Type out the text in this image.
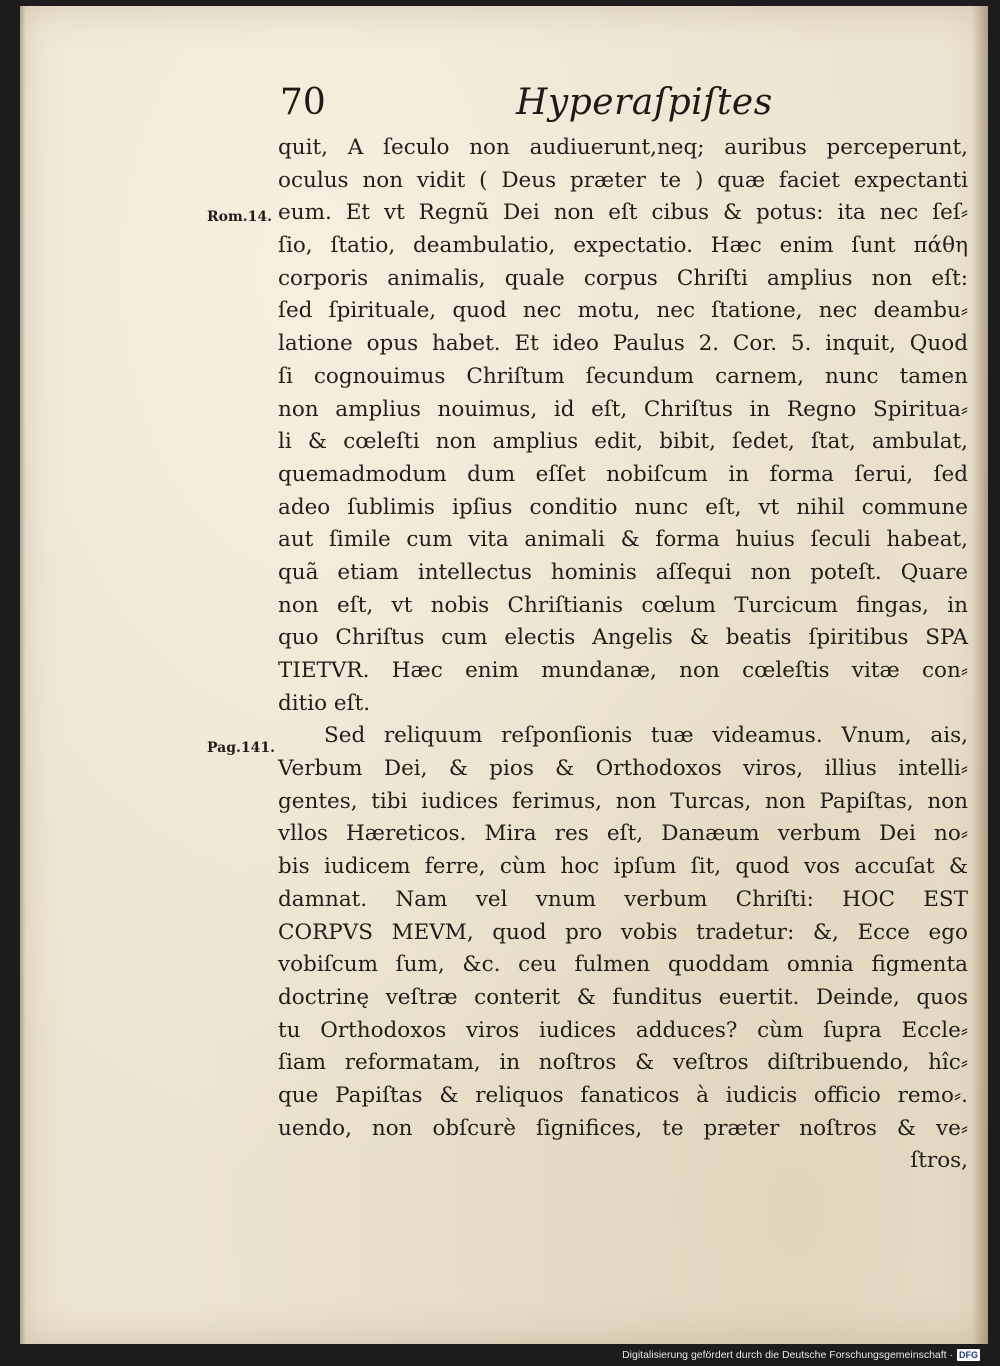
70	Hyperaſpiſtes
Rom.14.
Pag.141.
quit, A ſeculo non audiuerunt,neq; auribus perceperunt,
oculus non vidit ( Deus præter te ) quæ faciet expectanti
eum. Et vt Regnũ Dei non eſt cibus & potus: ita nec ſeſ⸗
ſio, ſtatio, deambulatio, expectatio. Hæc enim ſunt πάθη
corporis animalis, quale corpus Chriſti amplius non eſt:
ſed ſpirituale, quod nec motu, nec ſtatione, nec deambu⸗
latione opus habet. Et ideo Paulus 2. Cor. 5. inquit, Quod
ſi cognouimus Chriſtum ſecundum carnem, nunc tamen
non amplius nouimus, id eſt, Chriſtus in Regno Spiritua⸗
li & cœleſti non amplius edit, bibit, ſedet, ſtat, ambulat,
quemadmodum dum eſſet nobiſcum in forma ſerui, ſed
adeo ſublimis ipſius conditio nunc eſt, vt nihil commune
aut ſimile cum vita animali & forma huius ſeculi habeat,
quã etiam intellectus hominis aſſequi non poteſt. Quare
non eſt, vt nobis Chriſtianis cœlum Turcicum fingas, in
quo Chriſtus cum electis Angelis & beatis ſpiritibus SPA
TIETVR. Hæc enim mundanæ, non cœleſtis vitæ con⸗
ditio eſt.
Sed reliquum reſponſionis tuæ videamus. Vnum, ais,
Verbum Dei, & pios & Orthodoxos viros, illius intelli⸗
gentes, tibi iudices ferimus, non Turcas, non Papiſtas, non
vllos Hæreticos. Mira res eſt, Danæum verbum Dei no⸗
bis iudicem ferre, cùm hoc ipſum ſit, quod vos accuſat &
damnat. Nam vel vnum verbum Chriſti: HOC EST
CORPVS MEVM, quod pro vobis tradetur: &, Ecce ego
vobiſcum ſum, &c. ceu fulmen quoddam omnia figmenta
doctrinę veſtræ conterit & funditus euertit. Deinde, quos
tu Orthodoxos viros iudices adduces? cùm ſupra Eccle⸗
ſiam reformatam, in noſtros & veſtros diſtribuendo, hîc⸗
que Papiſtas & reliquos fanaticos à iudicis officio remo⸗.
uendo, non obſcurè ſignifices, te præter noſtros & ve⸗
ſtros,
Digitalisierung gefördert durch die Deutsche Forschungsgemeinschaft · DFG
